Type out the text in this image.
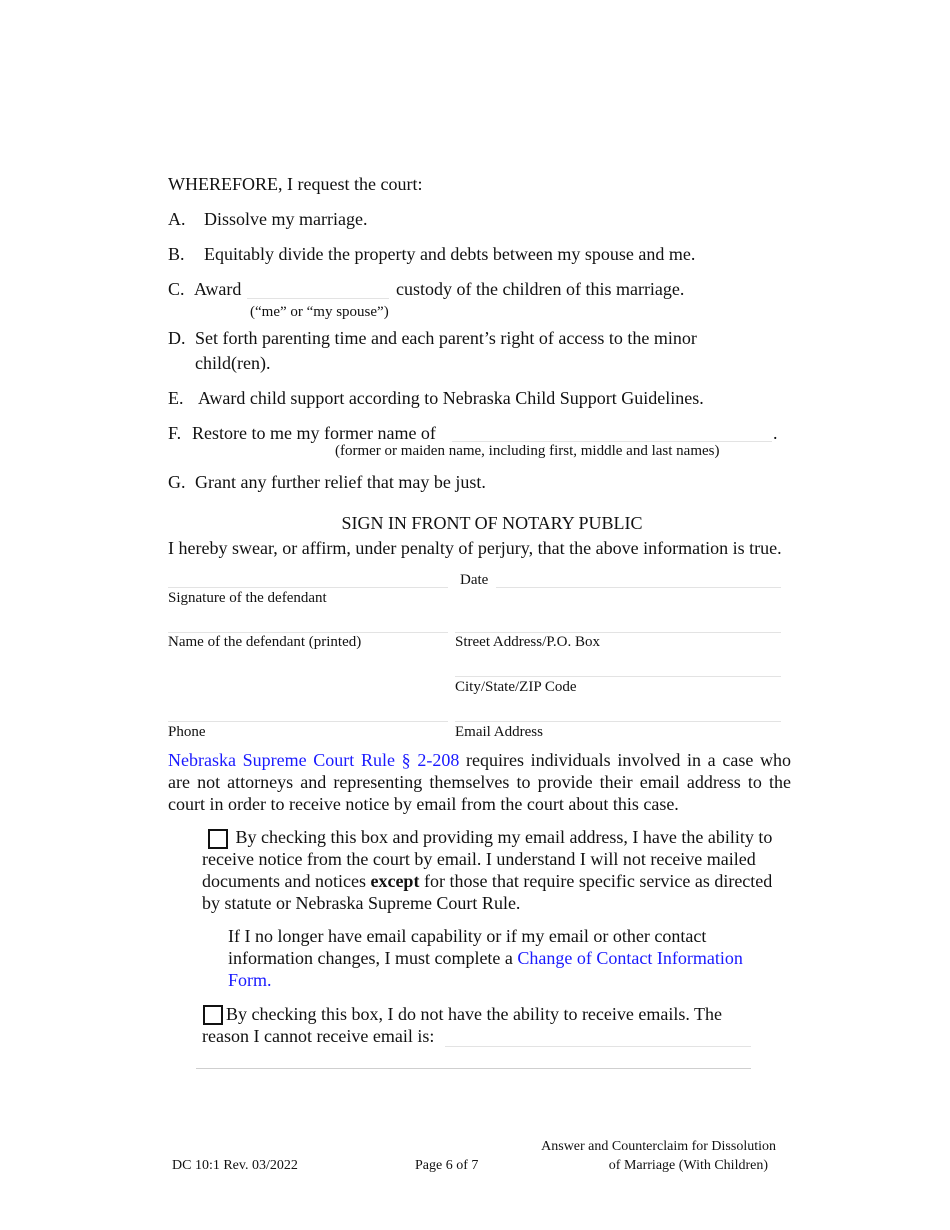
WHEREFORE, I request the court:
A. Dissolve my marriage.
B. Equitably divide the property and debts between my spouse and me.
C. Award	custody of the children of this marriage.
(“me” or “my spouse”)
D. Set forth parenting time and each parent’s right of access to the minor
child(ren).
E. Award child support according to Nebraska Child Support Guidelines.
F. Restore to me my former name of	.
(former or maiden name, including first, middle and last names)
G. Grant any further relief that may be just.
SIGN IN FRONT OF NOTARY PUBLIC
I hereby swear, or affirm, under penalty of perjury, that the above information is true.
Date
Signature of the defendant
Name of the defendant (printed)	Street Address/P.O. Box
City/State/ZIP Code
Phone	Email Address
Nebraska Supreme Court Rule § 2-208 requires individuals involved in a case who are not attorneys and representing themselves to provide their email address to the court in order to receive notice by email from the court about this case.
By checking this box and providing my email address, I have the ability to receive notice from the court by email. I understand I will not receive mailed documents and notices except for those that require specific service as directed by statute or Nebraska Supreme Court Rule.
If I no longer have email capability or if my email or other contact information changes, I must complete a Change of Contact Information Form.
By checking this box, I do not have the ability to receive emails. The
reason I cannot receive email is:
DC 10:1 Rev. 03/2022	Page 6 of 7
Answer and Counterclaim for Dissolution
of Marriage (With Children)
